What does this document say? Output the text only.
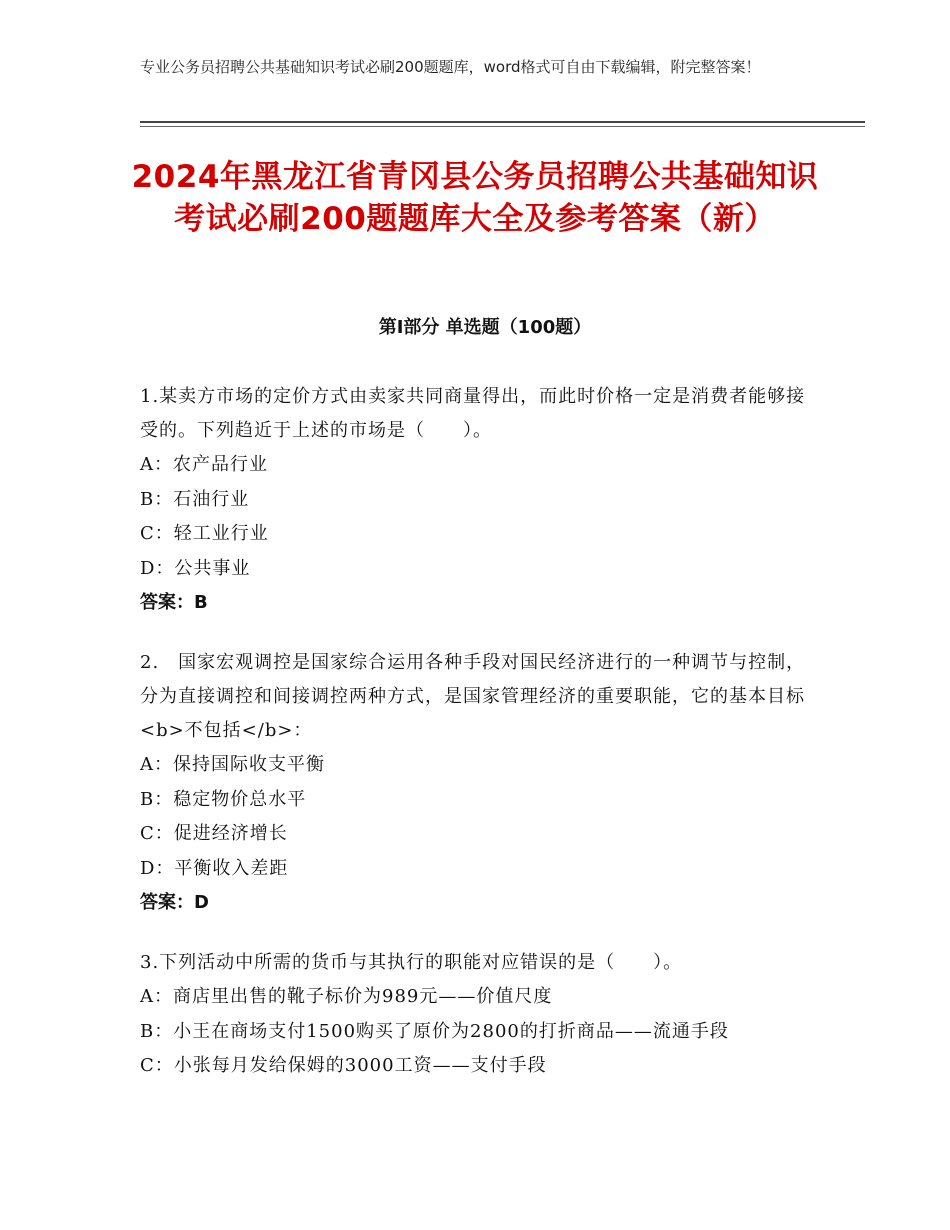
专业公务员招聘公共基础知识考试必刷200题题库，word格式可自由下载编辑，附完整答案！
2024年黑龙江省青冈县公务员招聘公共基础知识考试必刷200题题库大全及参考答案（新）
第Ⅰ部分 单选题（100题）
1.某卖方市场的定价方式由卖家共同商量得出，而此时价格一定是消费者能够接受的。下列趋近于上述的市场是（　　）。
A：农产品行业
B：石油行业
C：轻工业行业
D：公共事业
答案：B
2.　国家宏观调控是国家综合运用各种手段对国民经济进行的一种调节与控制，分为直接调控和间接调控两种方式，是国家管理经济的重要职能，它的基本目标<b>不包括</b>：
A：保持国际收支平衡
B：稳定物价总水平
C：促进经济增长
D：平衡收入差距
答案：D
3.下列活动中所需的货币与其执行的职能对应错误的是（　　）。
A：商店里出售的靴子标价为989元——价值尺度
B：小王在商场支付1500购买了原价为2800的打折商品——流通手段
C：小张每月发给保姆的3000工资——支付手段
